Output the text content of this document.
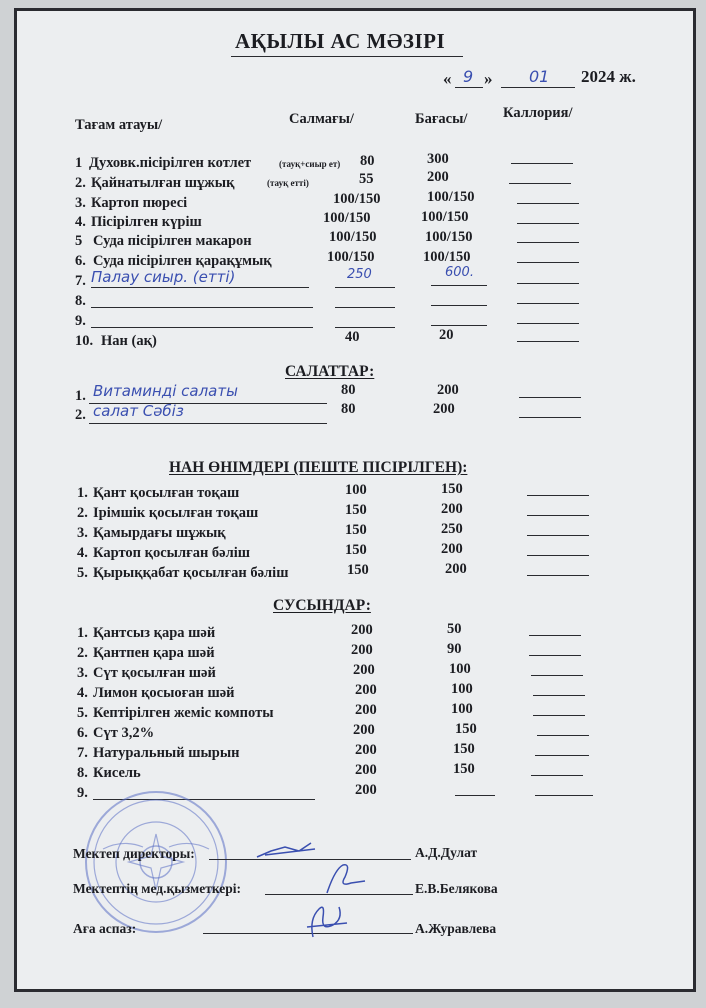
АҚЫЛЫ АС МӘЗІРІ
« 9 » 01 2024 ж.
Тағам атауы/	Салмағы/	Бағасы/ Каллория/
1 Духовк.пісірілген котлет	(тауқ+сиыр ет) 80	300
2. Қайнатылған шұжық	(тауқ етті)	55	200
3. Картоп пюресі	100/150	100/150
4. Пісірілген күріш	100/150	100/150
5 Суда пісірілген макарон	100/150	100/150
6. Суда пісірілген қарақұмық	100/150	100/150
7. Палау сиыр. (етті)	250	600.
8.
9.
10. Нан (ақ)	40	20
САЛАТТАР:
1. Витаминді салаты	80	200
2. салат Сәбіз	80	200
НАН ӨНІМДЕРІ (ПЕШТЕ ПІСІРІЛГЕН):
1. Қант қосылған тоқаш	100	150
2. Ірімшік қосылған тоқаш	150	200
3. Қамырдағы шұжық	150	250
4. Картоп қосылған бәліш	150	200
5. Қырыққабат қосылған бәліш	150	200
СУСЫНДАР:
1. Қантсыз қара шәй	200	50
2. Қантпен қара шәй	200	90
3. Сүт қосылған шәй	200	100
4. Лимон қосыоған шәй	200	100
5. Кептірілген жеміс компоты	200	100
6. Сүт 3,2%	200	150
7. Натуральный шырын	200	150
8. Кисель	200	150
9.	200
Мектеп директоры:	А.Д.Дулат
Мектептің мед.қызметкері:	Е.В.Белякова
Аға аспаз:	А.Журавлева
